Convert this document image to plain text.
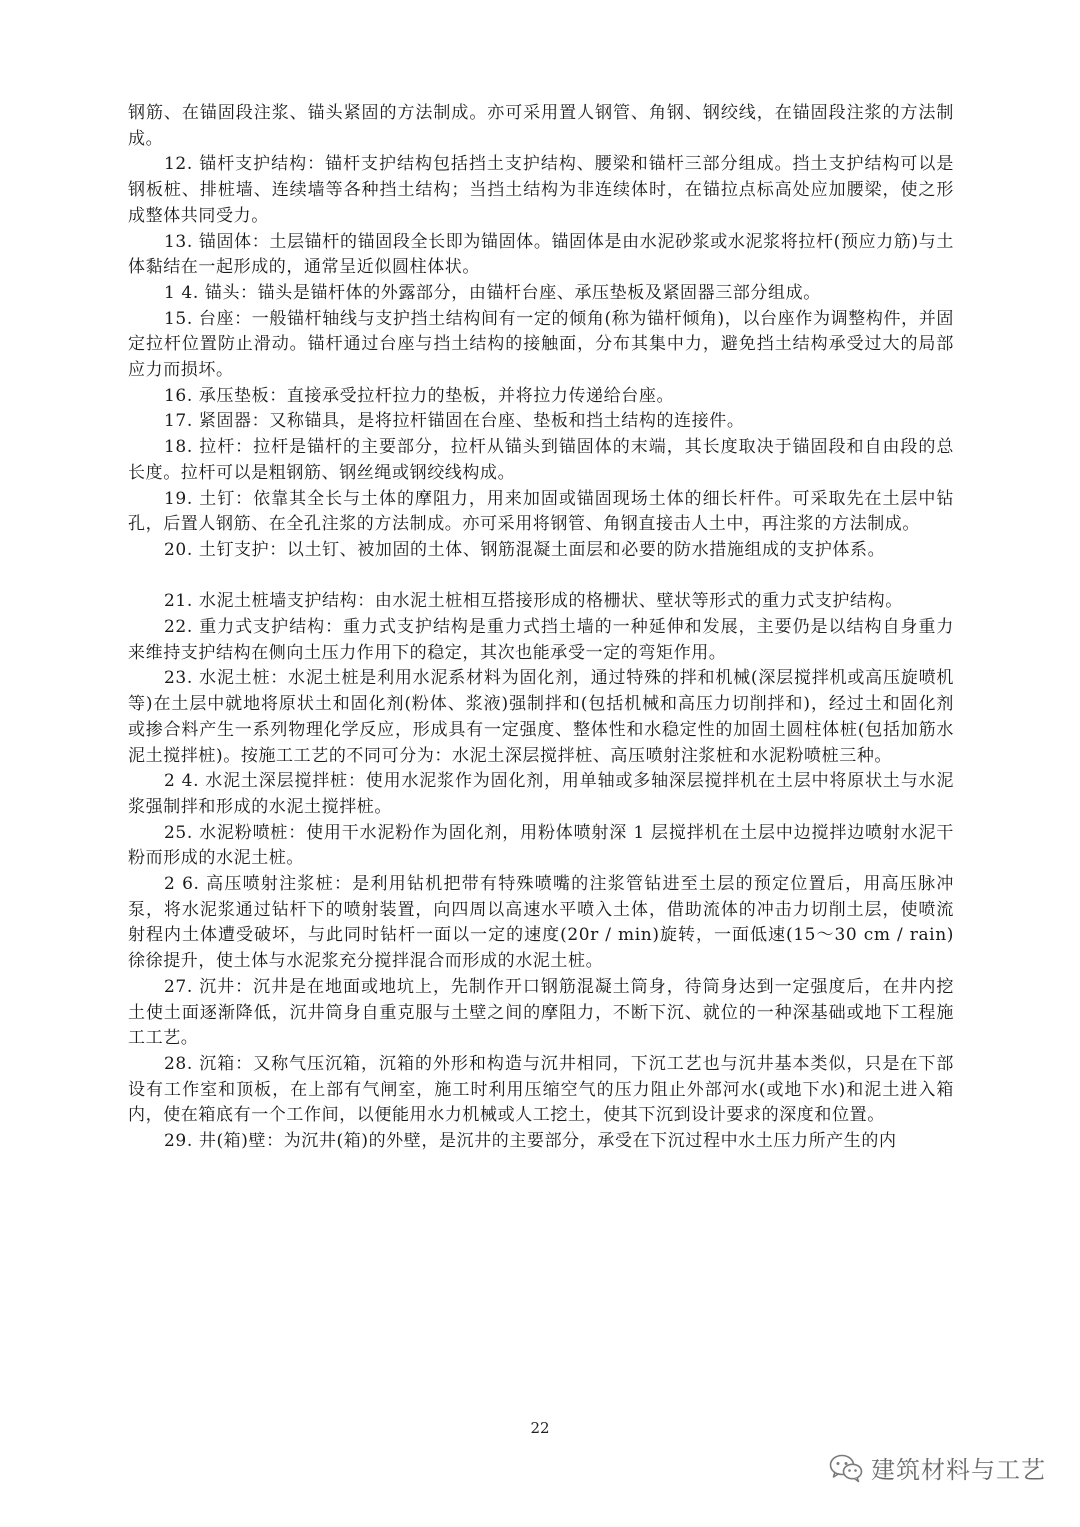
钢筋、在锚固段注浆、锚头紧固的方法制成。亦可采用置人钢管、角钢、钢绞线，在锚固段注浆的方法制成。

12. 锚杆支护结构：锚杆支护结构包括挡土支护结构、腰梁和锚杆三部分组成。挡土支护结构可以是钢板桩、排桩墙、连续墙等各种挡土结构；当挡土结构为非连续体时，在锚拉点标高处应加腰梁，使之形成整体共同受力。

13. 锚固体：土层锚杆的锚固段全长即为锚固体。锚固体是由水泥砂浆或水泥浆将拉杆(预应力筋)与土体黏结在一起形成的，通常呈近似圆柱体状。

1 4. 锚头：锚头是锚杆体的外露部分，由锚杆台座、承压垫板及紧固器三部分组成。

15. 台座：一般锚杆轴线与支护挡土结构间有一定的倾角(称为锚杆倾角)，以台座作为调整构件，并固定拉杆位置防止滑动。锚杆通过台座与挡土结构的接触面，分布其集中力，避免挡土结构承受过大的局部应力而损坏。

16. 承压垫板：直接承受拉杆拉力的垫板，并将拉力传递给台座。

17. 紧固器：又称锚具，是将拉杆锚固在台座、垫板和挡土结构的连接件。

18. 拉杆：拉杆是锚杆的主要部分，拉杆从锚头到锚固体的末端，其长度取决于锚固段和自由段的总长度。拉杆可以是粗钢筋、钢丝绳或钢绞线构成。

19. 土钉：依靠其全长与土体的摩阻力，用来加固或锚固现场土体的细长杆件。可采取先在土层中钻孔，后置人钢筋、在全孔注浆的方法制成。亦可采用将钢管、角钢直接击人土中，再注浆的方法制成。

20. 土钉支护：以土钉、被加固的土体、钢筋混凝土面层和必要的防水措施组成的支护体系。

21. 水泥土桩墙支护结构：由水泥土桩相互搭接形成的格栅状、壁状等形式的重力式支护结构。

22. 重力式支护结构：重力式支护结构是重力式挡土墙的一种延伸和发展，主要仍是以结构自身重力来维持支护结构在侧向土压力作用下的稳定，其次也能承受一定的弯矩作用。

23. 水泥土桩：水泥土桩是利用水泥系材料为固化剂，通过特殊的拌和机械(深层搅拌机或高压旋喷机等)在土层中就地将原状土和固化剂(粉体、浆液)强制拌和(包括机械和高压力切削拌和)，经过土和固化剂或掺合料产生一系列物理化学反应，形成具有一定强度、整体性和水稳定性的加固土圆柱体桩(包括加筋水泥土搅拌桩)。按施工工艺的不同可分为：水泥土深层搅拌桩、高压喷射注浆桩和水泥粉喷桩三种。

2 4. 水泥土深层搅拌桩：使用水泥浆作为固化剂，用单轴或多轴深层搅拌机在土层中将原状土与水泥浆强制拌和形成的水泥土搅拌桩。

25. 水泥粉喷桩：使用干水泥粉作为固化剂，用粉体喷射深 1 层搅拌机在土层中边搅拌边喷射水泥干粉而形成的水泥土桩。

2 6. 高压喷射注浆桩：是利用钻机把带有特殊喷嘴的注浆管钻进至土层的预定位置后，用高压脉冲泵，将水泥浆通过钻杆下的喷射装置，向四周以高速水平喷入土体，借助流体的冲击力切削土层，使喷流射程内土体遭受破坏，与此同时钻杆一面以一定的速度(20r / min)旋转，一面低速(15～30 cm / rain)徐徐提升，使土体与水泥浆充分搅拌混合而形成的水泥土桩。

27. 沉井：沉井是在地面或地坑上，先制作开口钢筋混凝土筒身，待筒身达到一定强度后，在井内挖土使土面逐渐降低，沉井筒身自重克服与土壁之间的摩阻力，不断下沉、就位的一种深基础或地下工程施工工艺。

28. 沉箱：又称气压沉箱，沉箱的外形和构造与沉井相同，下沉工艺也与沉井基本类似，只是在下部设有工作室和顶板，在上部有气闸室，施工时利用压缩空气的压力阻止外部河水(或地下水)和泥土进入箱内，使在箱底有一个工作间，以便能用水力机械或人工挖土，使其下沉到设计要求的深度和位置。

29. 井(箱)壁：为沉井(箱)的外壁，是沉井的主要部分，承受在下沉过程中水土压力所产生的内

22
建筑材料与工艺
